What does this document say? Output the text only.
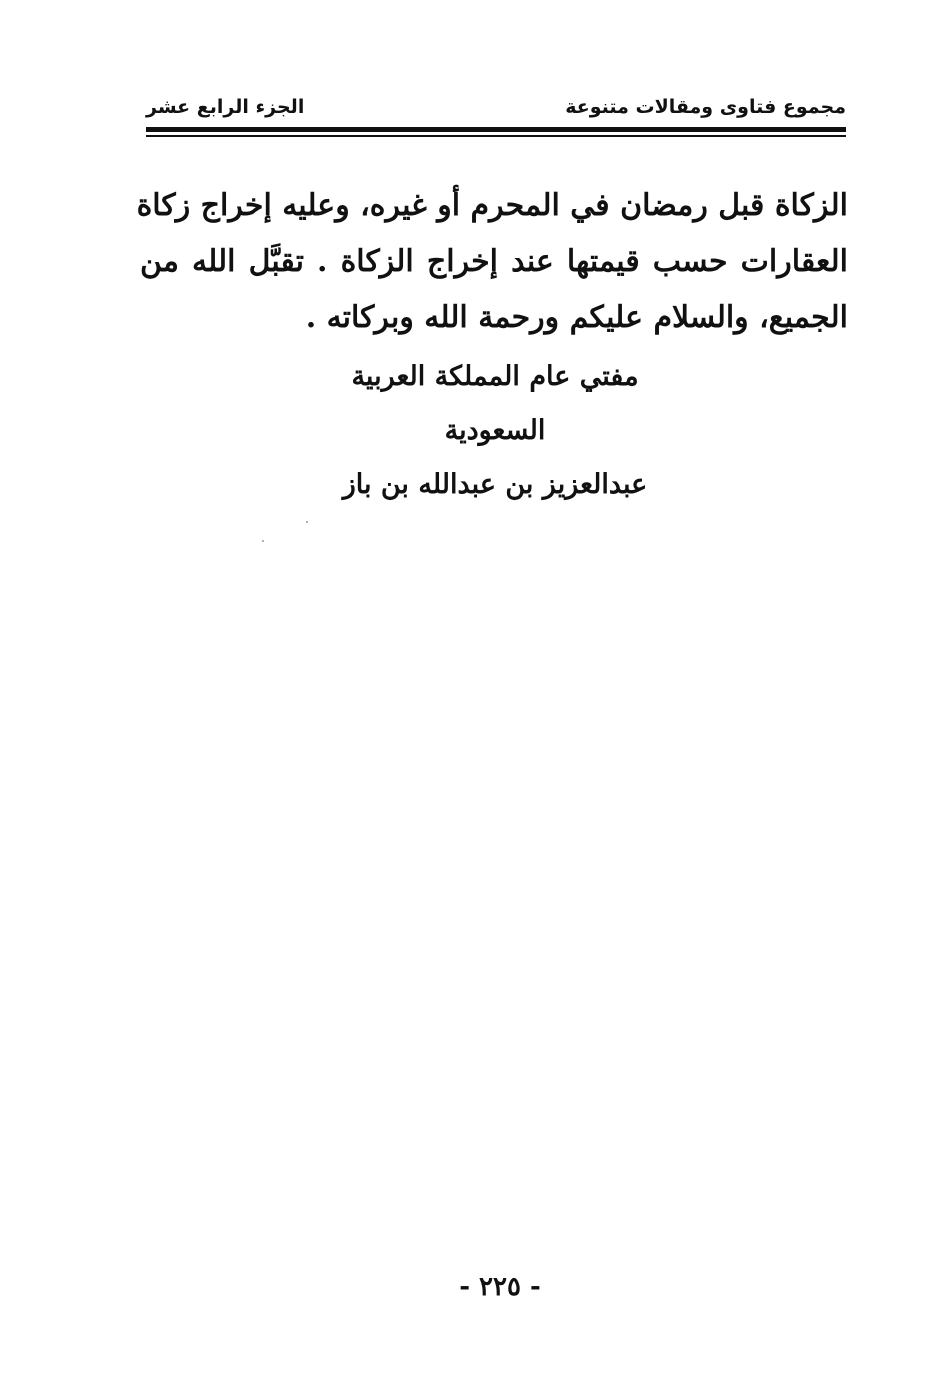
مجموع فتاوى ومقالات متنوعة
الجزء الرابع عشر
الزكاة قبل رمضان في المحرم أو غيره، وعليه إخراج زكاة
العقارات حسب قيمتها عند إخراج الزكاة . تقبَّل الله من
الجميع، والسلام عليكم ورحمة الله وبركاته .
مفتي عام المملكة العربية السعودية
عبدالعزيز بن عبدالله بن باز
- ٢٢٥ -
